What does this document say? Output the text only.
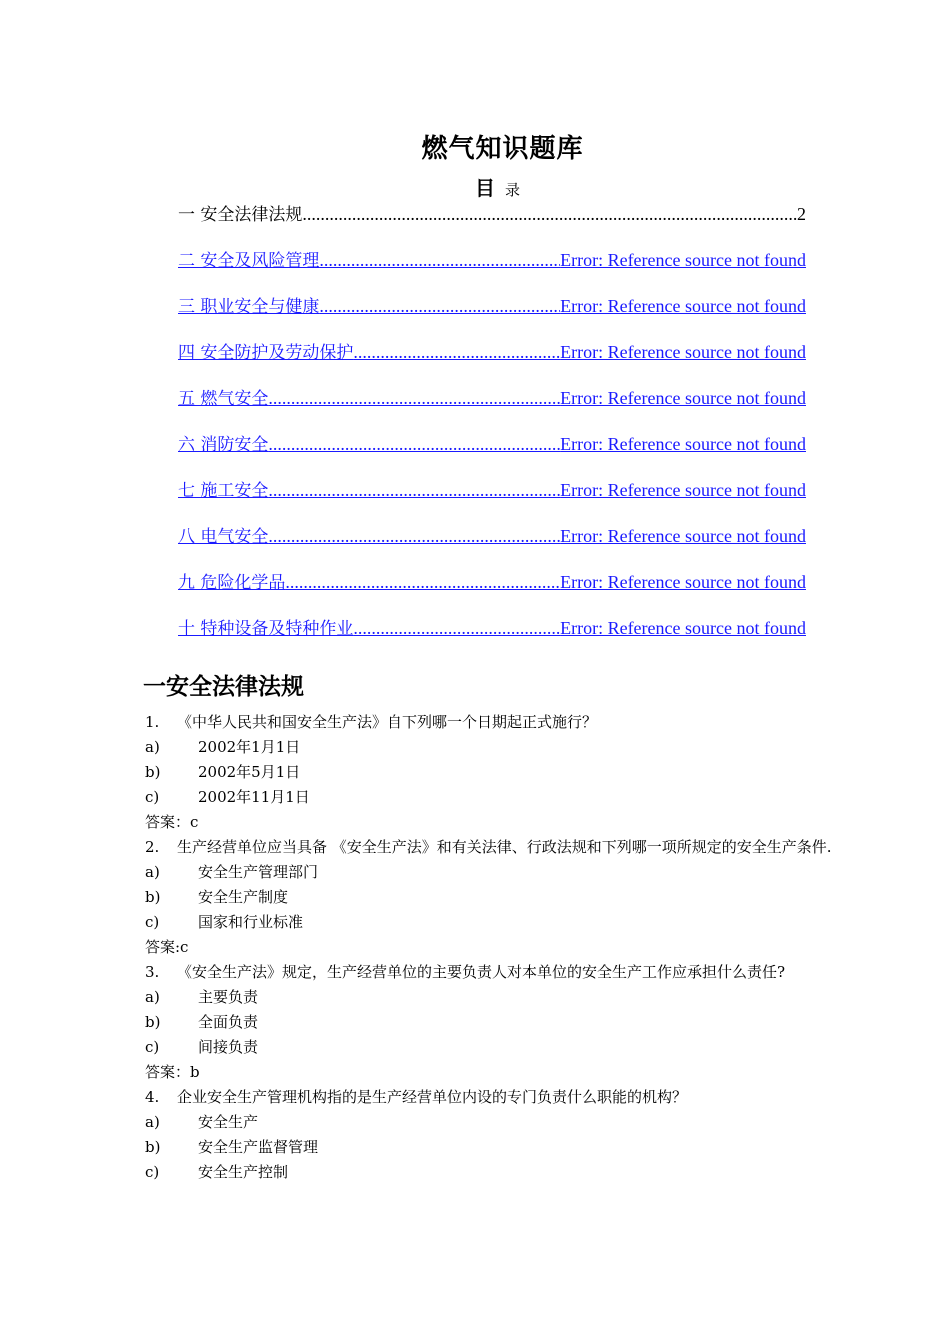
燃气知识题库
目 录
一 安全法律法规 .....	2
二 安全及风险管理 .....	Error: Reference source not found
三 职业安全与健康 .....	Error: Reference source not found
四 安全防护及劳动保护 .....	Error: Reference source not found
五 燃气安全 .....	Error: Reference source not found
六 消防安全 .....	Error: Reference source not found
七 施工安全 .....	Error: Reference source not found
八 电气安全 .....	Error: Reference source not found
九 危险化学品 .....	Error: Reference source not found
十 特种设备及特种作业 .....	Error: Reference source not found
一安全法律法规
1. 《中华人民共和国安全生产法》自下列哪一个日期起正式施行？
a)	2002年1月1日
b)	2002年5月1日
c)	2002年11月1日
答案：c
2. 生产经营单位应当具备 《安全生产法》和有关法律、行政法规和下列哪一项所规定的安全生产条件.
a)	安全生产管理部门
b)	安全生产制度
c)	国家和行业标准
答案:c
3. 《安全生产法》规定，生产经营单位的主要负责人对本单位的安全生产工作应承担什么责任?
a)	主要负责
b)	全面负责
c)	间接负责
答案：b
4. 企业安全生产管理机构指的是生产经营单位内设的专门负责什么职能的机构？
a)	安全生产
b)	安全生产监督管理
c)	安全生产控制
